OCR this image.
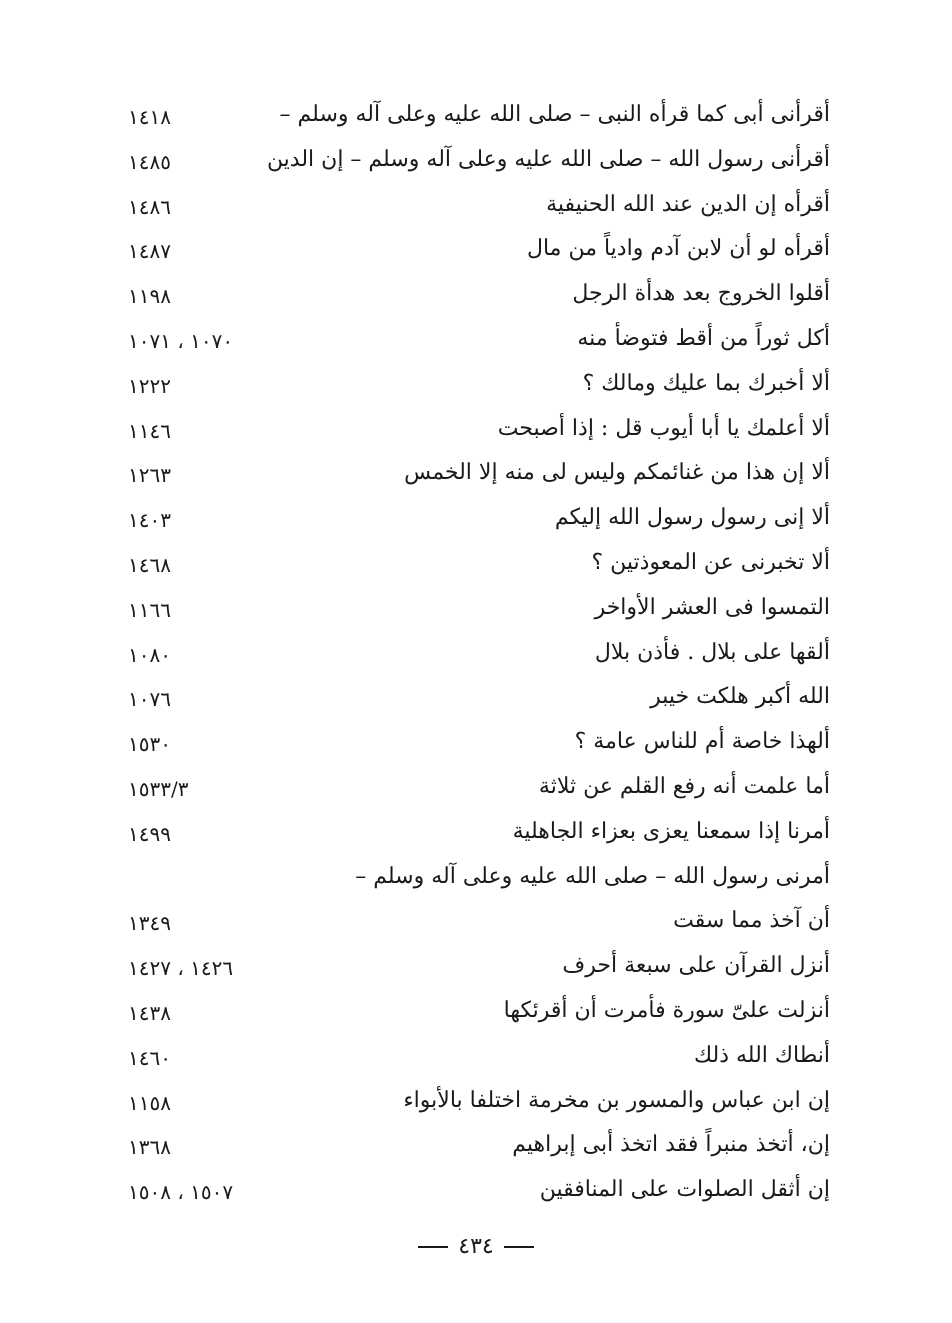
أقرأنى أبى كما قرأه النبى – صلى الله عليه وعلى آله وسلم –
١٤١٨
أقرأنى رسول الله – صلى الله عليه وعلى آله وسلم – إن الدين
١٤٨٥
أقرأه إن الدين عند الله الحنيفية
١٤٨٦
أقرأه لو أن لابن آدم وادياً من مال
١٤٨٧
أقلوا الخروج بعد هدأة الرجل
١١٩٨
أكل ثوراً من أقط فتوضأ منه
١٠٧٠ ، ١٠٧١
ألا أخبرك بما عليك ومالك ؟
١٢٢٢
ألا أعلمك يا أبا أيوب قل : إذا أصبحت
١١٤٦
ألا إن هذا من غنائمكم وليس لى منه إلا الخمس
١٢٦٣
ألا إنى رسول رسول الله إليكم
١٤٠٣
ألا تخبرنى عن المعوذتين ؟
١٤٦٨
التمسوا فى العشر الأواخر
١١٦٦
ألقها على بلال . فأذن بلال
١٠٨٠
الله أكبر هلكت خيبر
١٠٧٦
ألهذا خاصة أم للناس عامة ؟
١٥٣٠
أما علمت أنه رفع القلم عن ثلاثة
١٥٣٣/٣
أمرنا إذا سمعنا يعزى بعزاء الجاهلية
١٤٩٩
أمرنى رسول الله – صلى الله عليه وعلى آله وسلم –
أن آخذ مما سقت
١٣٤٩
أنزل القرآن على سبعة أحرف
١٤٢٦ ، ١٤٢٧
أنزلت علىّ سورة فأمرت أن أقرئكها
١٤٣٨
أنطاك الله ذلك
١٤٦٠
إن ابن عباس والمسور بن مخرمة اختلفا بالأبواء
١١٥٨
إن، أتخذ منبراً فقد اتخذ أبى إبراهيم
١٣٦٨
إن أثقل الصلوات على المنافقين
١٥٠٧ ، ١٥٠٨
٤٣٤
